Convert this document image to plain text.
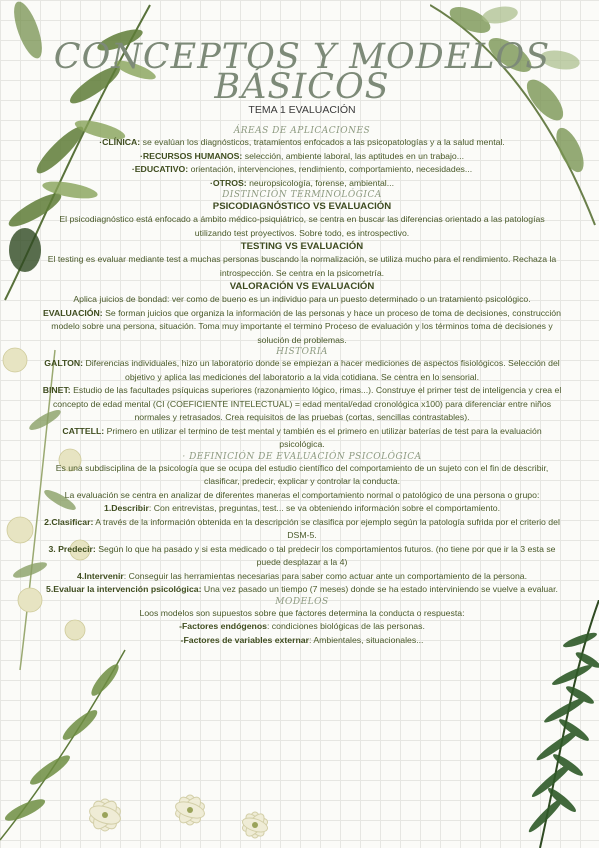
CONCEPTOS Y MODELOS
BÁSICOS
TEMA 1 EVALUACIÓN
ÁREAS DE APLICACIONES

·CLÍNICA: se evalúan los diagnósticos, tratamientos enfocados a las psicopatologías y a la salud mental.

·RECURSOS HUMANOS: selección, ambiente laboral, las aptitudes en un trabajo...

·EDUCATIVO: orientación, intervenciones, rendimiento, comportamiento, necesidades...

·OTROS: neuropsicología, forense, ambiental...

DISTINCIÓN TERMINOLÓGICA
PSICODIAGNÓSTICO VS EVALUACIÓN

El psicodiagnóstico está enfocado a ámbito médico-psiquiátrico, se centra en buscar las diferencias orientado a las patologías utilizando test proyectivos. Sobre todo, es introspectivo.

TESTING VS EVALUACIÓN

El testing es evaluar mediante test a muchas personas buscando la normalización, se utiliza mucho para el rendimiento. Rechaza la introspección. Se centra en la psicometría.

VALORACIÓN VS EVALUACIÓN

Aplica juicios de bondad: ver como de bueno es un individuo para un puesto determinado o un tratamiento psicológico.

EVALUACIÓN: Se forman juicios que organiza la información de las personas y hace un proceso de toma de decisiones, construcción modelo sobre una persona, situación. Toma muy importante el termino Proceso de evaluación y los términos toma de decisiones y solución de problemas.

HISTORIA

GALTON: Diferencias individuales, hizo un laboratorio donde se empiezan a hacer mediciones de aspectos fisiológicos. Selección del objetivo y aplica las mediciones del laboratorio a la vida cotidiana. Se centra en lo sensorial.

BINET: Estudio de las facultades psíquicas superiores (razonamiento lógico, rimas...). Construye el primer test de inteligencia y crea el concepto de edad mental (CI (COEFICIENTE INTELECTUAL) = edad mental/edad cronológica x100) para diferenciar entre niños normales y retrasados. Crea requisitos de las pruebas (cortas, sencillas contrastables).

CATTELL: Primero en utilizar el termino de test mental y también es el primero en utilizar baterías de test para la evaluación psicológica.

· DEFINICIÓN DE EVALUACIÓN PSICOLÓGICA

Es una subdisciplina de la psicología que se ocupa del estudio científico del comportamiento de un sujeto con el fin de describir, clasificar, predecir, explicar y controlar la conducta.

La evaluación se centra en analizar de diferentes maneras el comportamiento normal o patológico de una persona o grupo:

1.Describir: Con entrevistas, preguntas, test... se va obteniendo información sobre el comportamiento.

2.Clasificar: A través de la información obtenida en la descripción se clasifica por ejemplo según la patología sufrida por el criterio del DSM-5.

3. Predecir: Según lo que ha pasado y si esta medicado o tal predecir los comportamientos futuros. (no tiene por que ir la 3 esta se puede desplazar a la 4)

4.Intervenir: Conseguir las herramientas necesarias para saber como actuar ante un comportamiento de la persona.

5.Evaluar la intervención psicológica: Una vez pasado un tiempo (7 meses) donde se ha estado interviniendo se vuelve a evaluar.

MODELOS

Loos modelos son supuestos sobre que factores determina la conducta o respuesta:

-Factores endógenos: condiciones biológicas de las personas.

-Factores de variables externar: Ambientales, situacionales...
